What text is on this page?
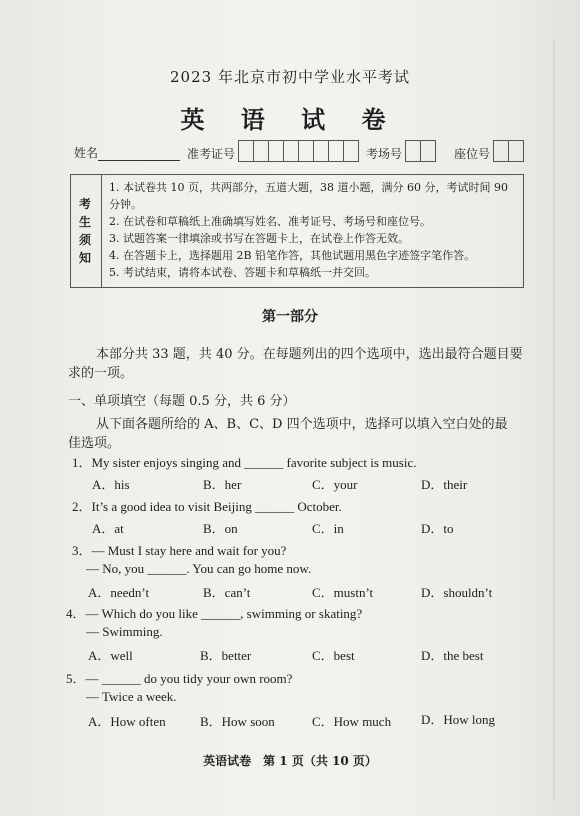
2023 年北京市初中学业水平考试
英 语 试 卷
姓名	准考证号	考场号	座位号
考
生
须
知
1. 本试卷共 10 页，共两部分，五道大题，38 道小题，满分 60 分，考试时间 90 分钟。
2. 在试卷和草稿纸上准确填写姓名、准考证号、考场号和座位号。
3. 试题答案一律填涂或书写在答题卡上，在试卷上作答无效。
4. 在答题卡上，选择题用 2B 铅笔作答，其他试题用黑色字迹签字笔作答。
5. 考试结束，请将本试卷、答题卡和草稿纸一并交回。
第一部分
本部分共 33 题，共 40 分。在每题列出的四个选项中，选出最符合题目要
求的一项。
一、单项填空（每题 0.5 分，共 6 分）
从下面各题所给的 A、B、C、D 四个选项中，选择可以填入空白处的最
佳选项。
1．My sister enjoys singing and ______ favorite subject is music.
A．his	B．her	C．your	D．their
2．It’s a good idea to visit Beijing ______ October.
A．at	B．on	C．in	D．to
3．— Must I stay here and wait for you?
— No, you ______. You can go home now.
A．needn’t	B．can’t	C．mustn’t	D．shouldn’t
4．— Which do you like ______, swimming or skating?
— Swimming.
A．well	B．better	C．best	D．the best
5．— ______ do you tidy your own room?
— Twice a week.
A．How often	B．How soon	C．How much D．How long
英语试卷　第 1 页（共 10 页）
